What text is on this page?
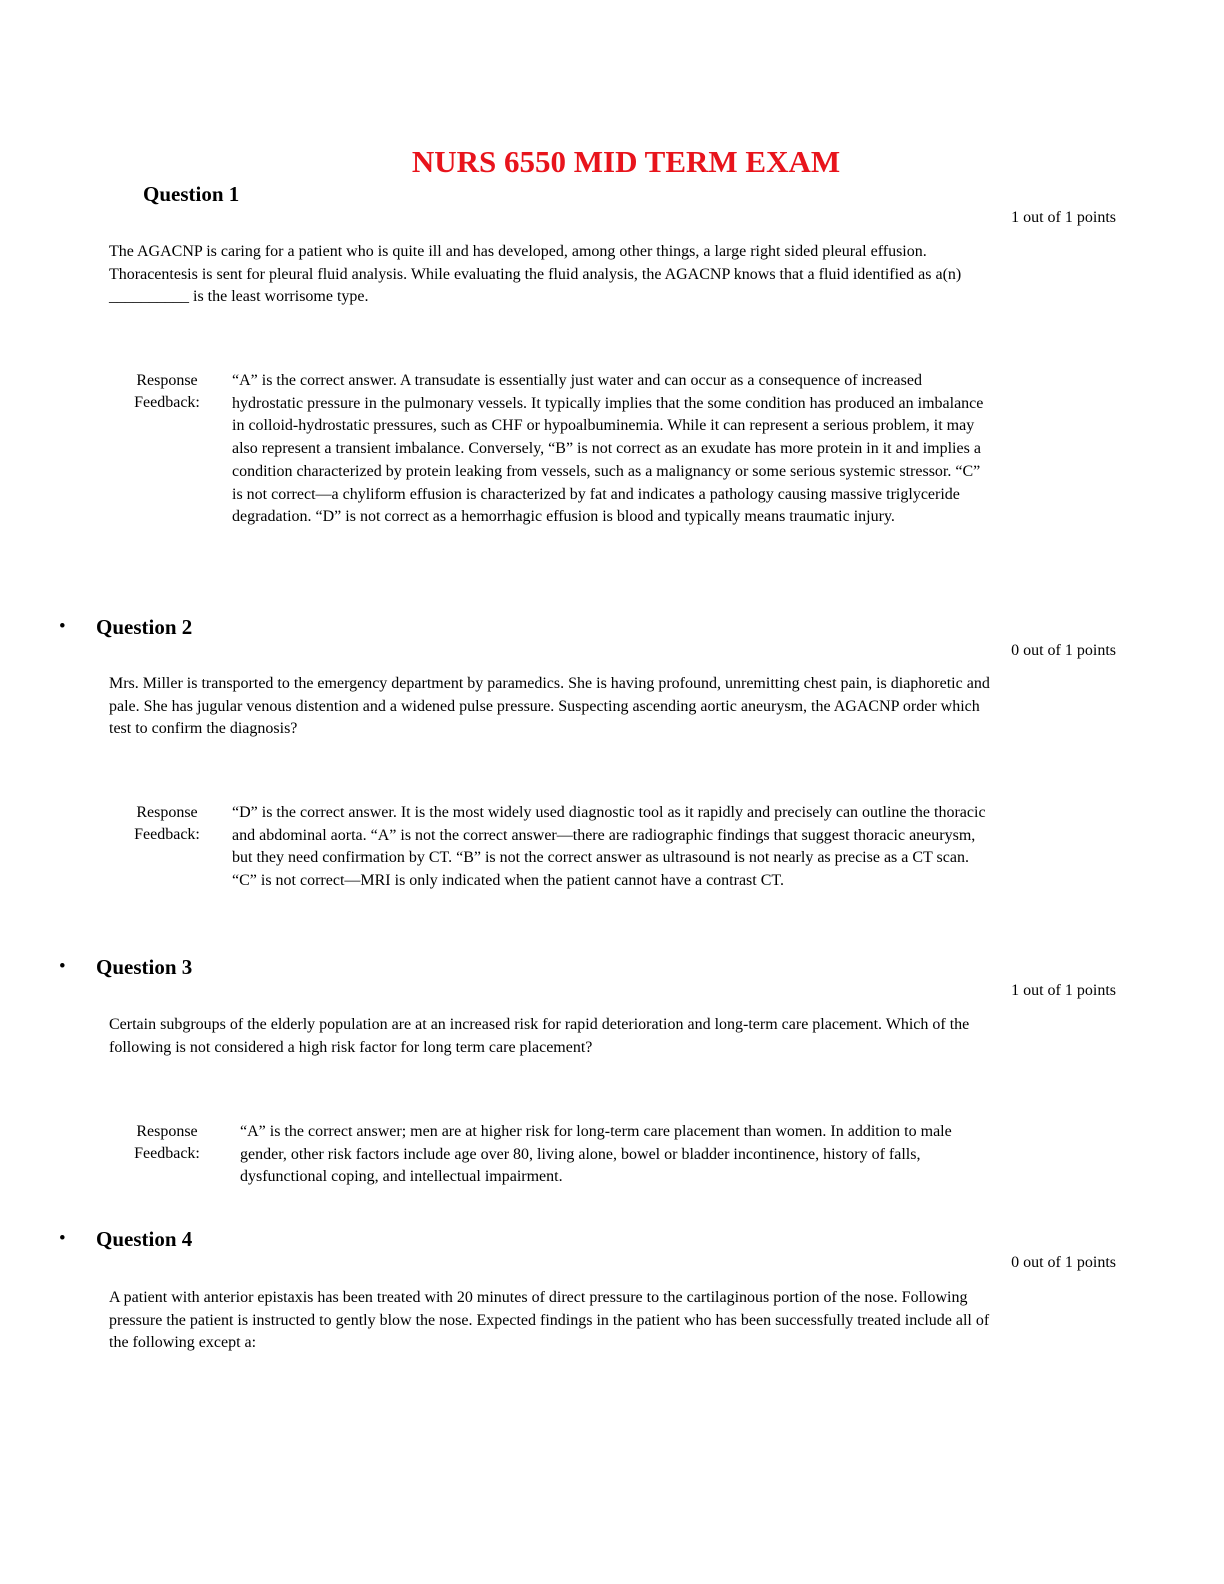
NURS 6550 MID TERM EXAM
Question 1
1 out of 1 points
The AGACNP is caring for a patient who is quite ill and has developed, among other things, a large right sided pleural effusion. Thoracentesis is sent for pleural fluid analysis. While evaluating the fluid analysis, the AGACNP knows that a fluid identified as a(n) __________ is the least worrisome type.
Response Feedback:
“A” is the correct answer. A transudate is essentially just water and can occur as a consequence of increased hydrostatic pressure in the pulmonary vessels. It typically implies that the some condition has produced an imbalance in colloid-hydrostatic pressures, such as CHF or hypoalbuminemia. While it can represent a serious problem, it may also represent a transient imbalance. Conversely, “B” is not correct as an exudate has more protein in it and implies a condition characterized by protein leaking from vessels, such as a malignancy or some serious systemic stressor. “C” is not correct—a chyliform effusion is characterized by fat and indicates a pathology causing massive triglyceride degradation. “D” is not correct as a hemorrhagic effusion is blood and typically means traumatic injury.
• Question 2
0 out of 1 points
Mrs. Miller is transported to the emergency department by paramedics. She is having profound, unremitting chest pain, is diaphoretic and pale. She has jugular venous distention and a widened pulse pressure. Suspecting ascending aortic aneurysm, the AGACNP order which test to confirm the diagnosis?
Response Feedback:
“D” is the correct answer. It is the most widely used diagnostic tool as it rapidly and precisely can outline the thoracic and abdominal aorta. “A” is not the correct answer—there are radiographic findings that suggest thoracic aneurysm, but they need confirmation by CT. “B” is not the correct answer as ultrasound is not nearly as precise as a CT scan. “C” is not correct—MRI is only indicated when the patient cannot have a contrast CT.
• Question 3
1 out of 1 points
Certain subgroups of the elderly population are at an increased risk for rapid deterioration and long-term care placement. Which of the following is not considered a high risk factor for long term care placement?
Response Feedback:
“A” is the correct answer; men are at higher risk for long-term care placement than women. In addition to male gender, other risk factors include age over 80, living alone, bowel or bladder incontinence, history of falls, dysfunctional coping, and intellectual impairment.
• Question 4
0 out of 1 points
A patient with anterior epistaxis has been treated with 20 minutes of direct pressure to the cartilaginous portion of the nose. Following pressure the patient is instructed to gently blow the nose. Expected findings in the patient who has been successfully treated include all of the following except a:
